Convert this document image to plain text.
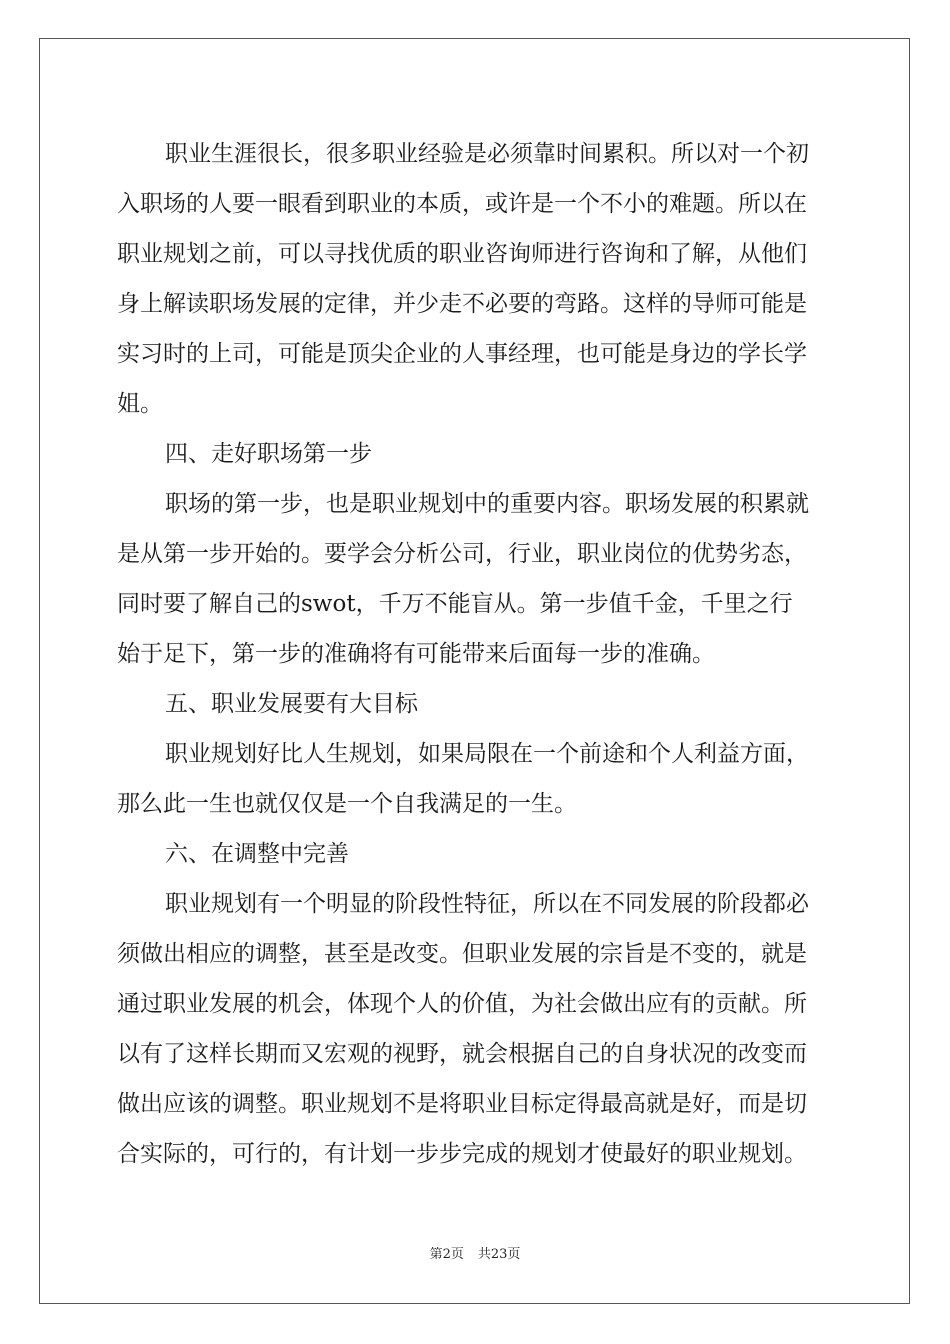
职业生涯很长，很多职业经验是必须靠时间累积。所以对一个初
入职场的人要一眼看到职业的本质，或许是一个不小的难题。所以在
职业规划之前，可以寻找优质的职业咨询师进行咨询和了解，从他们
身上解读职场发展的定律，并少走不必要的弯路。这样的导师可能是
实习时的上司，可能是顶尖企业的人事经理，也可能是身边的学长学
姐。
四、走好职场第一步
职场的第一步，也是职业规划中的重要内容。职场发展的积累就
是从第一步开始的。要学会分析公司，行业，职业岗位的优势劣态，
同时要了解自己的swot，千万不能盲从。第一步值千金，千里之行
始于足下，第一步的准确将有可能带来后面每一步的准确。
五、职业发展要有大目标
职业规划好比人生规划，如果局限在一个前途和个人利益方面，
那么此一生也就仅仅是一个自我满足的一生。
六、在调整中完善
职业规划有一个明显的阶段性特征，所以在不同发展的阶段都必
须做出相应的调整，甚至是改变。但职业发展的宗旨是不变的，就是
通过职业发展的机会，体现个人的价值，为社会做出应有的贡献。所
以有了这样长期而又宏观的视野，就会根据自己的自身状况的改变而
做出应该的调整。职业规划不是将职业目标定得最高就是好，而是切
合实际的，可行的，有计划一步步完成的规划才使最好的职业规划。
第2页 共23页
